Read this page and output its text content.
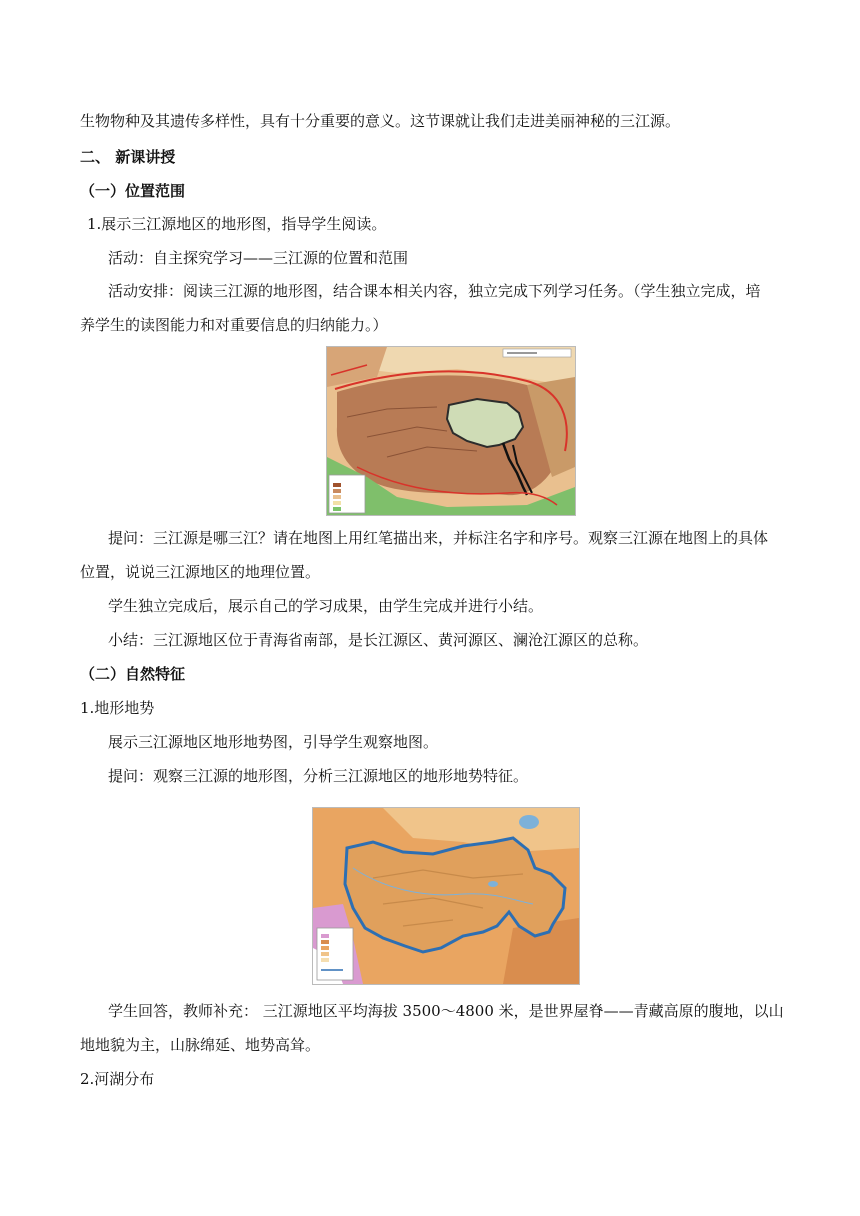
生物物种及其遗传多样性，具有十分重要的意义。这节课就让我们走进美丽神秘的三江源。
二、 新课讲授
（一）位置范围
1.展示三江源地区的地形图，指导学生阅读。
活动：自主探究学习——三江源的位置和范围
活动安排：阅读三江源的地形图，结合课本相关内容，独立完成下列学习任务。（学生独立完成，培
养学生的读图能力和对重要信息的归纳能力。）
提问：三江源是哪三江？请在地图上用红笔描出来，并标注名字和序号。观察三江源在地图上的具体
位置，说说三江源地区的地理位置。
学生独立完成后，展示自己的学习成果，由学生完成并进行小结。
小结：三江源地区位于青海省南部，是长江源区、黄河源区、澜沧江源区的总称。
（二）自然特征
1.地形地势
展示三江源地区地形地势图，引导学生观察地图。
提问：观察三江源的地形图，分析三江源地区的地形地势特征。
学生回答，教师补充： 三江源地区平均海拔 3500～4800 米，是世界屋脊——青藏高原的腹地，以山
地地貌为主，山脉绵延、地势高耸。
2.河湖分布
